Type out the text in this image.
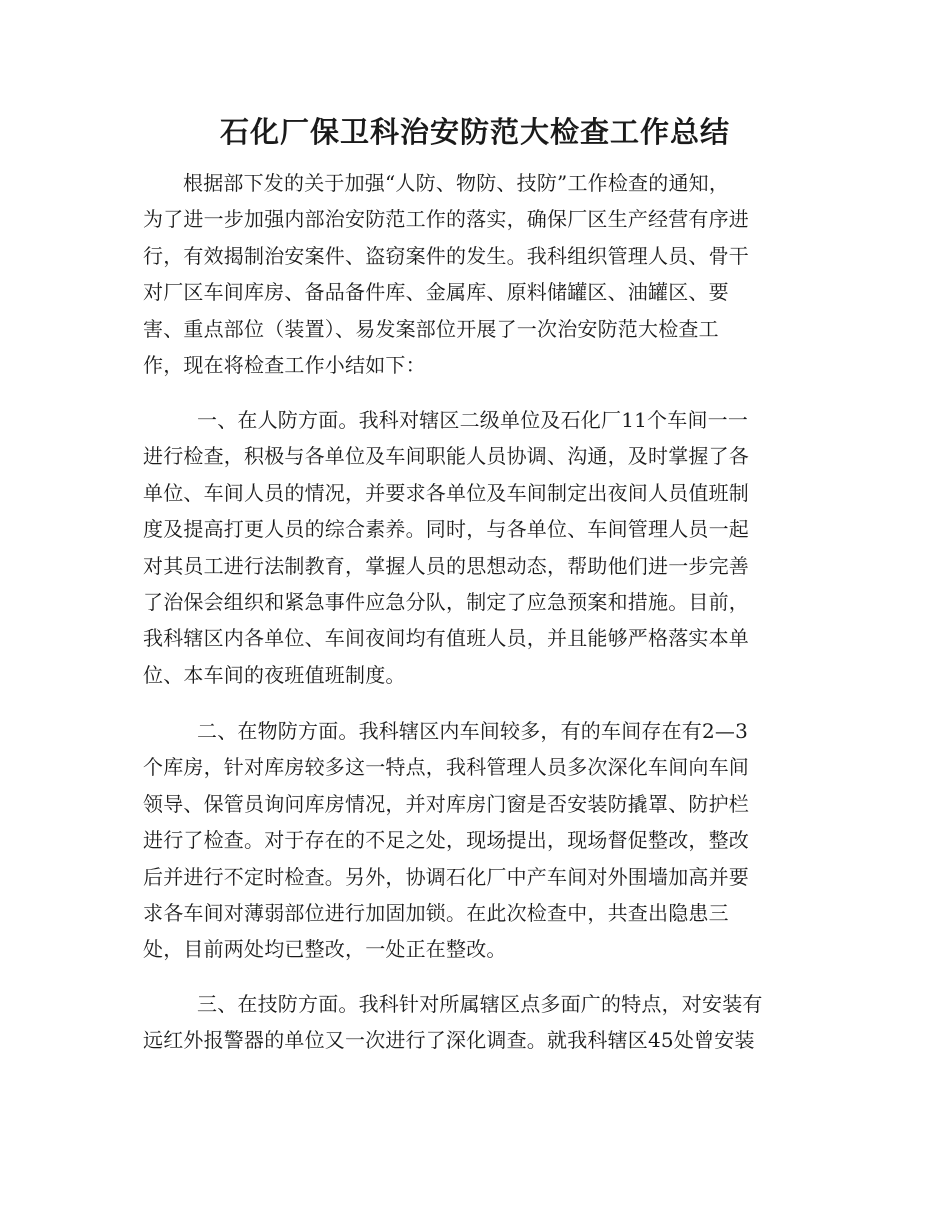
石化厂保卫科治安防范大检查工作总结
根据部下发的关于加强“人防、物防、技防”工作检查的通知，
为了进一步加强内部治安防范工作的落实，确保厂区生产经营有序进
行，有效揭制治安案件、盗窃案件的发生。我科组织管理人员、骨干
对厂区车间库房、备品备件库、金属库、原料储罐区、油罐区、要
害、重点部位（装置）、易发案部位开展了一次治安防范大检查工
作，现在将检查工作小结如下：
一、在人防方面。我科对辖区二级单位及石化厂11个车间一一
进行检查，积极与各单位及车间职能人员协调、沟通，及时掌握了各
单位、车间人员的情况，并要求各单位及车间制定出夜间人员值班制
度及提高打更人员的综合素养。同时，与各单位、车间管理人员一起
对其员工进行法制教育，掌握人员的思想动态，帮助他们进一步完善
了治保会组织和紧急事件应急分队，制定了应急预案和措施。目前，
我科辖区内各单位、车间夜间均有值班人员，并且能够严格落实本单
位、本车间的夜班值班制度。
二、在物防方面。我科辖区内车间较多，有的车间存在有2—3
个库房，针对库房较多这一特点，我科管理人员多次深化车间向车间
领导、保管员询问库房情况，并对库房门窗是否安装防撬罩、防护栏
进行了检查。对于存在的不足之处，现场提出，现场督促整改，整改
后并进行不定时检查。另外，协调石化厂中产车间对外围墙加高并要
求各车间对薄弱部位进行加固加锁。在此次检查中，共查出隐患三
处，目前两处均已整改，一处正在整改。
三、在技防方面。我科针对所属辖区点多面广的特点，对安装有
远红外报警器的单位又一次进行了深化调查。就我科辖区45处曾安装
